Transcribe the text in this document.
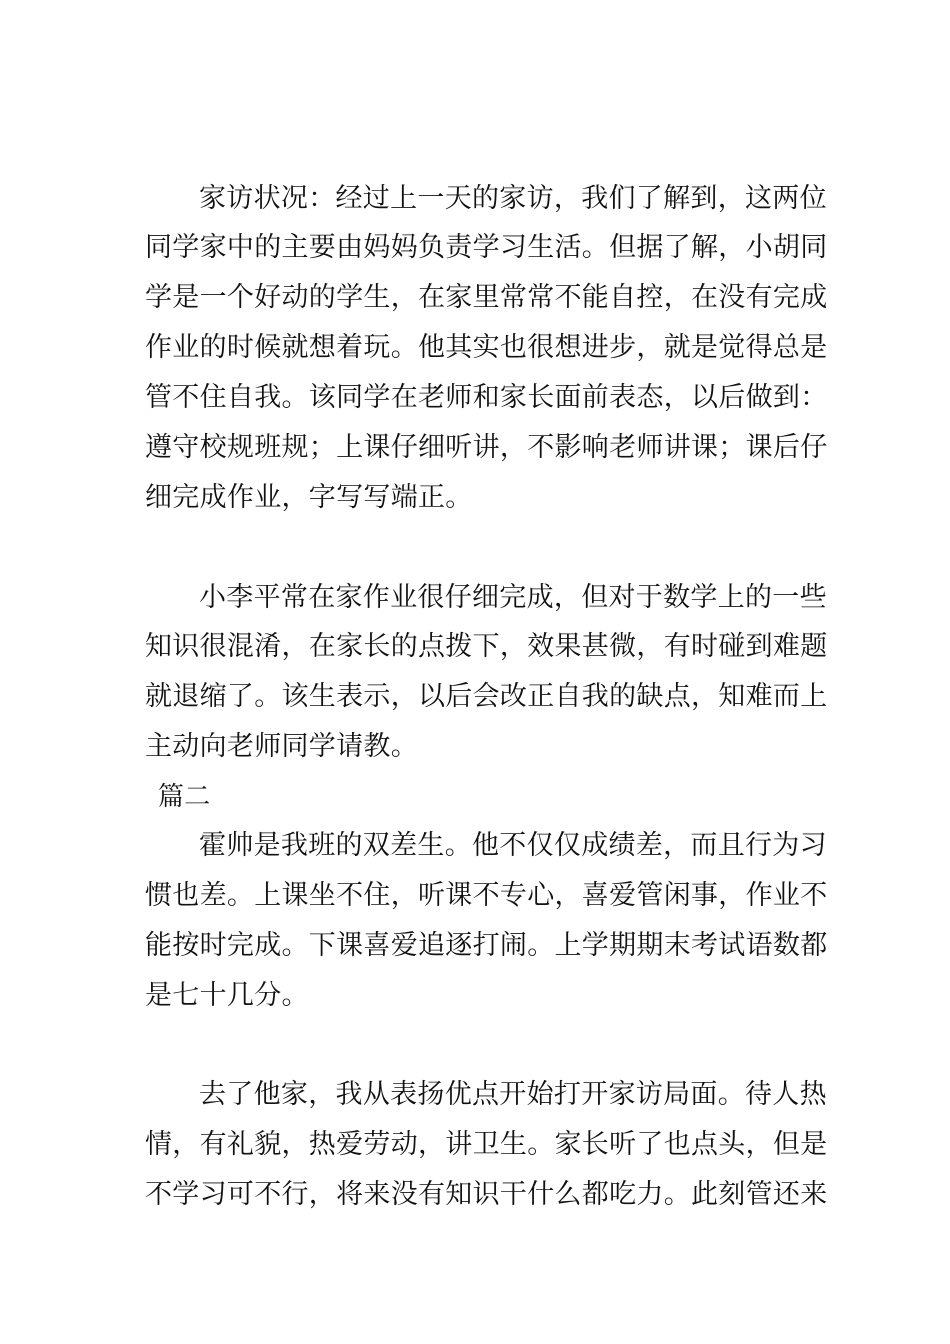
家访状况：经过上一天的家访，我们了解到，这两位
同学家中的主要由妈妈负责学习生活。但据了解，小胡同
学是一个好动的学生，在家里常常不能自控，在没有完成
作业的时候就想着玩。他其实也很想进步，就是觉得总是
管不住自我。该同学在老师和家长面前表态，以后做到：
遵守校规班规；上课仔细听讲，不影响老师讲课；课后仔
细完成作业，字写写端正。
小李平常在家作业很仔细完成，但对于数学上的一些
知识很混淆，在家长的点拨下，效果甚微，有时碰到难题
就退缩了。该生表示，以后会改正自我的缺点，知难而上
主动向老师同学请教。
篇二
霍帅是我班的双差生。他不仅仅成绩差，而且行为习
惯也差。上课坐不住，听课不专心，喜爱管闲事，作业不
能按时完成。下课喜爱追逐打闹。上学期期末考试语数都
是七十几分。
去了他家，我从表扬优点开始打开家访局面。待人热
情，有礼貌，热爱劳动，讲卫生。家长听了也点头，但是
不学习可不行，将来没有知识干什么都吃力。此刻管还来
